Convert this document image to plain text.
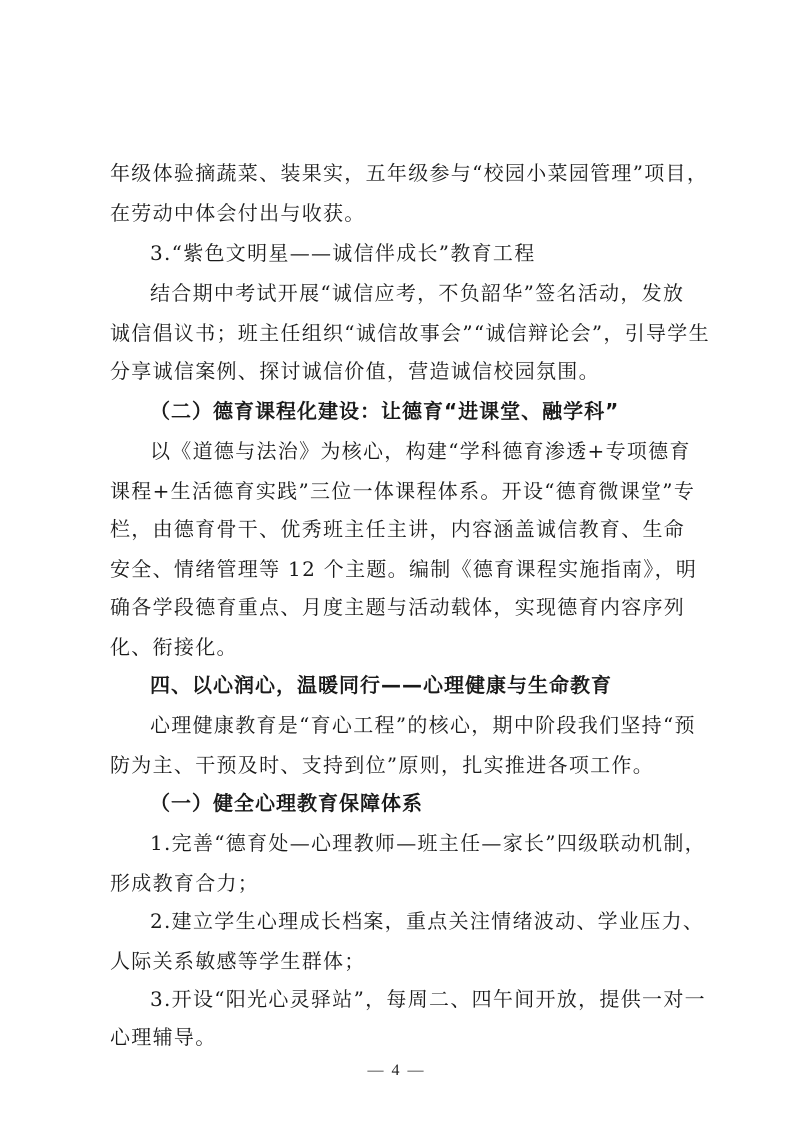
年级体验摘蔬菜、装果实，五年级参与“校园小菜园管理”项目，
在劳动中体会付出与收获。
3.“紫色文明星——诚信伴成长”教育工程
结合期中考试开展“诚信应考，不负韶华”签名活动，发放
诚信倡议书；班主任组织“诚信故事会”“诚信辩论会”，引导学生
分享诚信案例、探讨诚信价值，营造诚信校园氛围。
（二）德育课程化建设：让德育“进课堂、融学科”
以《道德与法治》为核心，构建“学科德育渗透+专项德育
课程+生活德育实践”三位一体课程体系。开设“德育微课堂”专
栏，由德育骨干、优秀班主任主讲，内容涵盖诚信教育、生命
安全、情绪管理等 12 个主题。编制《德育课程实施指南》，明
确各学段德育重点、月度主题与活动载体，实现德育内容序列
化、衔接化。
四、以心润心，温暖同行——心理健康与生命教育
心理健康教育是“育心工程”的核心，期中阶段我们坚持“预
防为主、干预及时、支持到位”原则，扎实推进各项工作。
（一）健全心理教育保障体系
1.完善“德育处—心理教师—班主任—家长”四级联动机制，
形成教育合力；
2.建立学生心理成长档案，重点关注情绪波动、学业压力、
人际关系敏感等学生群体；
3.开设“阳光心灵驿站”，每周二、四午间开放，提供一对一
心理辅导。
— 4 —
